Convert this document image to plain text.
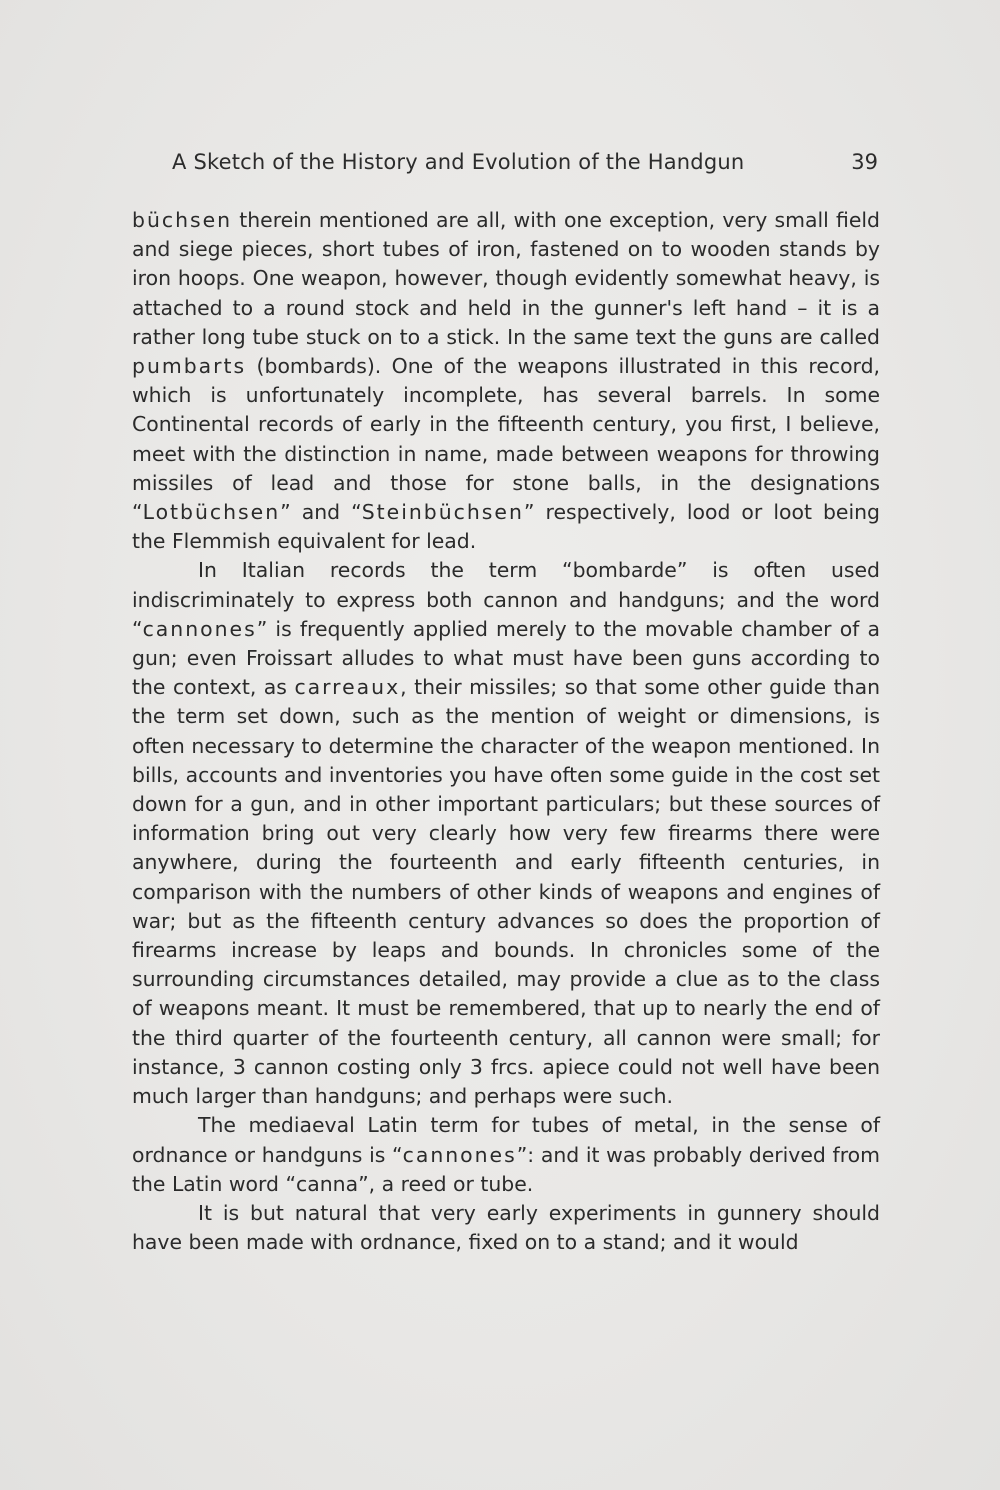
A Sketch of the History and Evolution of the Handgun	39

büchsen therein mentioned are all, with one exception, very small field and siege pieces, short tubes of iron, fastened on to wooden stands by iron hoops. One weapon, however, though evidently somewhat heavy, is attached to a round stock and held in the gunner's left hand – it is a rather long tube stuck on to a stick. In the same text the guns are called pumbarts (bombards). One of the weapons illustrated in this record, which is unfortunately incomplete, has several barrels. In some Continental records of early in the fifteenth century, you first, I believe, meet with the distinction in name, made between weapons for throwing missiles of lead and those for stone balls, in the designations “Lotbüchsen” and “Steinbüchsen” respectively, lood or loot being the Flemmish equivalent for lead.

In Italian records the term “bombarde” is often used indiscriminately to express both cannon and handguns; and the word “cannones” is frequently applied merely to the movable chamber of a gun; even Froissart alludes to what must have been guns according to the context, as carreaux, their missiles; so that some other guide than the term set down, such as the mention of weight or dimensions, is often necessary to determine the character of the weapon mentioned. In bills, accounts and inventories you have often some guide in the cost set down for a gun, and in other important particulars; but these sources of information bring out very clearly how very few firearms there were anywhere, during the fourteenth and early fifteenth centuries, in comparison with the numbers of other kinds of weapons and engines of war; but as the fifteenth century advances so does the proportion of firearms increase by leaps and bounds. In chronicles some of the surrounding circumstances detailed, may provide a clue as to the class of weapons meant. It must be remembered, that up to nearly the end of the third quarter of the fourteenth century, all cannon were small; for instance, 3 cannon costing only 3 frcs. apiece could not well have been much larger than handguns; and perhaps were such.

The mediaeval Latin term for tubes of metal, in the sense of ordnance or handguns is “cannones”: and it was probably derived from the Latin word “canna”, a reed or tube.

It is but natural that very early experiments in gunnery should have been made with ordnance, fixed on to a stand; and it would
